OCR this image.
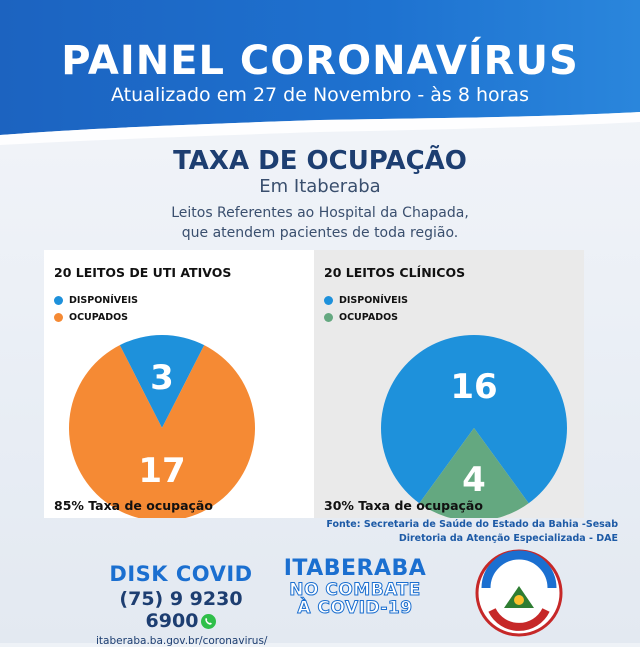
PAINEL CORONAVÍRUS
Atualizado em 27 de Novembro - às 8 horas
TAXA DE OCUPAÇÃO
Em Itaberaba
Leitos Referentes ao Hospital da Chapada,
que atendem pacientes de toda região.
3
17
20 LEITOS DE UTI ATIVOS
DISPONÍVEIS
OCUPADOS
85% Taxa de ocupação
16
4
20 LEITOS CLÍNICOS
DISPONÍVEIS
OCUPADOS
30% Taxa de ocupação
Fonte: Secretaria de Saúde do Estado da Bahia -Sesab
Diretoria da Atenção Especializada - DAE
DISK COVID
(75) 9 9230 6900
itaberaba.ba.gov.br/coronavirus/
ITABERABA
NO COMBATE
À COVID-19
